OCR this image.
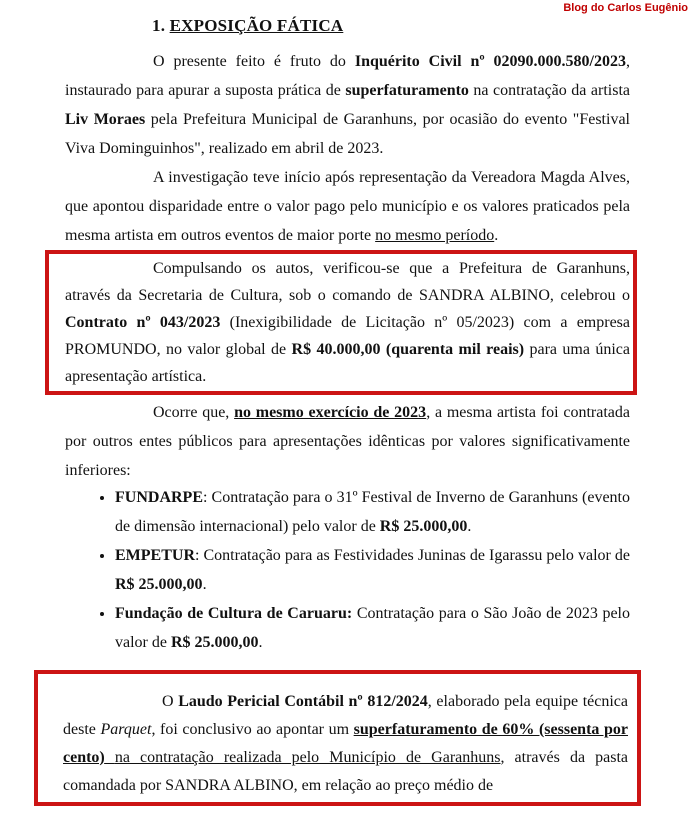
Blog do Carlos Eugênio
1. EXPOSIÇÃO FÁTICA

O presente feito é fruto do Inquérito Civil nº 02090.000.580/2023, instaurado para apurar a suposta prática de superfaturamento na contratação da artista Liv Moraes pela Prefeitura Municipal de Garanhuns, por ocasião do evento "Festival Viva Dominguinhos", realizado em abril de 2023.

A investigação teve início após representação da Vereadora Magda Alves, que apontou disparidade entre o valor pago pelo município e os valores praticados pela mesma artista em outros eventos de maior porte no mesmo período.

Compulsando os autos, verificou-se que a Prefeitura de Garanhuns, através da Secretaria de Cultura, sob o comando de SANDRA ALBINO, celebrou o Contrato nº 043/2023 (Inexigibilidade de Licitação nº 05/2023) com a empresa PROMUNDO, no valor global de R$ 40.000,00 (quarenta mil reais) para uma única apresentação artística.

Ocorre que, no mesmo exercício de 2023, a mesma artista foi contratada por outros entes públicos para apresentações idênticas por valores significativamente inferiores:

• FUNDARPE: Contratação para o 31º Festival de Inverno de Garanhuns (evento de dimensão internacional) pelo valor de R$ 25.000,00.
• EMPETUR: Contratação para as Festividades Juninas de Igarassu pelo valor de R$ 25.000,00.
• Fundação de Cultura de Caruaru: Contratação para o São João de 2023 pelo valor de R$ 25.000,00.

O Laudo Pericial Contábil nº 812/2024, elaborado pela equipe técnica deste Parquet, foi conclusivo ao apontar um superfaturamento de 60% (sessenta por cento) na contratação realizada pelo Município de Garanhuns, através da pasta comandada por SANDRA ALBINO, em relação ao preço médio de
